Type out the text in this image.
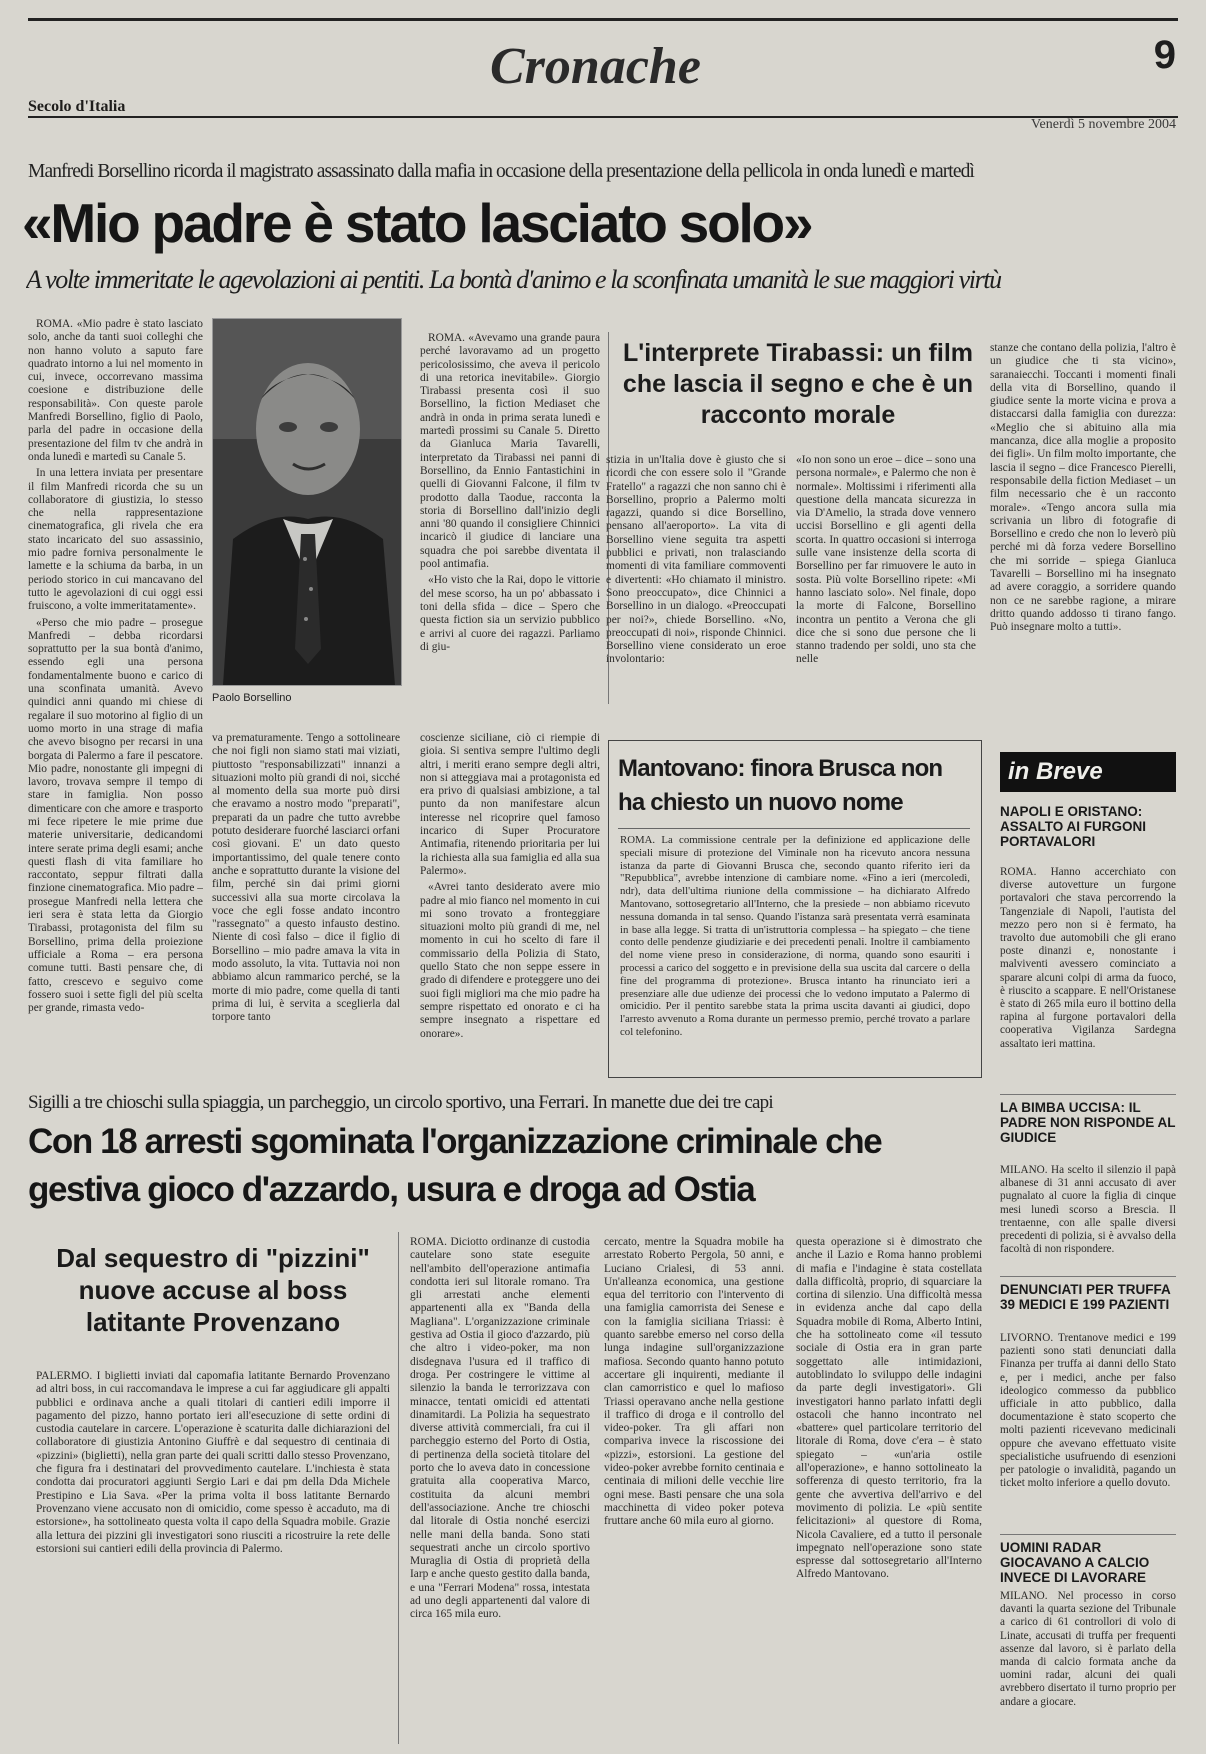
Cronache	9
Secolo d'Italia
Venerdì 5 novembre 2004
Manfredi Borsellino ricorda il magistrato assassinato dalla mafia in occasione della presentazione della pellicola in onda lunedì e martedì
«Mio padre è stato lasciato solo»
A volte immeritate le agevolazioni ai pentiti. La bontà d'animo e la sconfinata umanità le sue maggiori virtù

ROMA. «Mio padre è stato lasciato solo, anche da tanti suoi colleghi che non hanno voluto a saputo fare quadrato intorno a lui nel momento in cui, invece, occorrevano massima coesione e distribuzione delle responsabilità». Con queste parole Manfredi Borsellino, figlio di Paolo, parla del padre in occasione della presentazione del film tv che andrà in onda lunedì e martedì su Canale 5.

In una lettera inviata per presentare il film Manfredi ricorda che su un collaboratore di giustizia, lo stesso che nella rappresentazione cinematografica, gli rivela che era stato incaricato del suo assassinio, mio padre forniva personalmente le lamette e la schiuma da barba, in un periodo storico in cui mancavano del tutto le agevolazioni di cui oggi essi fruiscono, a volte immeritatamente».

«Perso che mio padre – prosegue Manfredi – debba ricordarsi soprattutto per la sua bontà d'animo, essendo egli una persona fondamentalmente buono e carico di una sconfinata umanità. Avevo quindici anni quando mi chiese di regalare il suo motorino al figlio di un uomo morto in una strage di mafia che avevo bisogno per recarsi in una borgata di Palermo a fare il pescatore. Mio padre, nonostante gli impegni di lavoro, trovava sempre il tempo di stare in famiglia. Non posso dimenticare con che amore e trasporto mi fece ripetere le mie prime due materie universitarie, dedicandomi intere serate prima degli esami; anche questi flash di vita familiare ho raccontato, seppur filtrati dalla finzione cinematografica. Mio padre – prosegue Manfredi nella lettera che ieri sera è stata letta da Giorgio Tirabassi, protagonista del film su Borsellino, prima della proiezione ufficiale a Roma – era persona comune tutti. Basti pensare che, di fatto, crescevo e seguivo come fossero suoi i sette figli del più scelta per grande, rimasta vedo-

Paolo Borsellino

va prematuramente. Tengo a sottolineare che noi figli non siamo stati mai viziati, piuttosto "responsabilizzati" innanzi a situazioni molto più grandi di noi, sicché al momento della sua morte può dirsi che eravamo a nostro modo "preparati", preparati da un padre che tutto avrebbe potuto desiderare fuorché lasciarci orfani così giovani. E' un dato questo importantissimo, del quale tenere conto anche e soprattutto durante la visione del film, perché sin dai primi giorni successivi alla sua morte circolava la voce che egli fosse andato incontro "rassegnato" a questo infausto destino. Niente di così falso – dice il figlio di Borsellino – mio padre amava la vita in modo assoluto, la vita. Tuttavia noi non abbiamo alcun rammarico perché, se la morte di mio padre, come quella di tanti prima di lui, è servita a sceglierla dal torpore tanto

ROMA. «Avevamo una grande paura perché lavoravamo ad un progetto pericolosissimo, che aveva il pericolo di una retorica inevitabile». Giorgio Tirabassi presenta così il suo Borsellino, la fiction Mediaset che andrà in onda in prima serata lunedì e martedì prossimi su Canale 5. Diretto da Gianluca Maria Tavarelli, interpretato da Tirabassi nei panni di Borsellino, da Ennio Fantastichini in quelli di Giovanni Falcone, il film tv prodotto dalla Taodue, racconta la storia di Borsellino dall'inizio degli anni '80 quando il consigliere Chinnici incaricò il giudice di lanciare una squadra che poi sarebbe diventata il pool antimafia.

«Ho visto che la Rai, dopo le vittorie del mese scorso, ha un po' abbassato i toni della sfida – dice – Spero che questa fiction sia un servizio pubblico e arrivi al cuore dei ragazzi. Parliamo di giu-

coscienze siciliane, ciò ci riempie di gioia. Si sentiva sempre l'ultimo degli altri, i meriti erano sempre degli altri, non si atteggiava mai a protagonista ed era privo di qualsiasi ambizione, a tal punto da non manifestare alcun interesse nel ricoprire quel famoso incarico di Super Procuratore Antimafia, ritenendo prioritaria per lui la richiesta alla sua famiglia ed alla sua Palermo».

«Avrei tanto desiderato avere mio padre al mio fianco nel momento in cui mi sono trovato a fronteggiare situazioni molto più grandi di me, nel momento in cui ho scelto di fare il commissario della Polizia di Stato, quello Stato che non seppe essere in grado di difendere e proteggere uno dei suoi figli migliori ma che mio padre ha sempre rispettato ed onorato e ci ha sempre insegnato a rispettare ed onorare».

L'interprete Tirabassi: un film che lascia il segno e che è un racconto morale

stizia in un'Italia dove è giusto che si ricordi che con essere solo il "Grande Fratello" a ragazzi che non sanno chi è Borsellino, proprio a Palermo molti ragazzi, quando si dice Borsellino, pensano all'aeroporto». La vita di Borsellino viene seguita tra aspetti pubblici e privati, non tralasciando momenti di vita familiare commoventi e divertenti: «Ho chiamato il ministro. Sono preoccupato», dice Chinnici a Borsellino in un dialogo. «Preoccupati per noi?», chiede Borsellino. «No, preoccupati di noi», risponde Chinnici. Borsellino viene considerato un eroe involontario:

«Io non sono un eroe – dice – sono una persona normale», e Palermo che non è normale». Moltissimi i riferimenti alla questione della mancata sicurezza in via D'Amelio, la strada dove vennero uccisi Borsellino e gli agenti della scorta. In quattro occasioni si interroga sulle vane insistenze della scorta di Borsellino per far rimuovere le auto in sosta. Più volte Borsellino ripete: «Mi hanno lasciato solo». Nel finale, dopo la morte di Falcone, Borsellino incontra un pentito a Verona che gli dice che si sono due persone che li stanno tradendo per soldi, uno sta che nelle

stanze che contano della polizia, l'altro è un giudice che ti sta vicino», saranaiecchi. Toccanti i momenti finali della vita di Borsellino, quando il giudice sente la morte vicina e prova a distaccarsi dalla famiglia con durezza: «Meglio che si abituino alla mia mancanza, dice alla moglie a proposito dei figli». Un film molto importante, che lascia il segno – dice Francesco Pierelli, responsabile della fiction Mediaset – un film necessario che è un racconto morale». «Tengo ancora sulla mia scrivania un libro di fotografie di Borsellino e credo che non lo leverò più perché mi dà forza vedere Borsellino che mi sorride – spiega Gianluca Tavarelli – Borsellino mi ha insegnato ad avere coraggio, a sorridere quando non ce ne sarebbe ragione, a mirare dritto quando addosso ti tirano fango. Può insegnare molto a tutti».

Mantovano: finora Brusca non ha chiesto un nuovo nome

ROMA. La commissione centrale per la definizione ed applicazione delle speciali misure di protezione del Viminale non ha ricevuto ancora nessuna istanza da parte di Giovanni Brusca che, secondo quanto riferito ieri da "Repubblica", avrebbe intenzione di cambiare nome. «Fino a ieri (mercoledì, ndr), data dell'ultima riunione della commissione – ha dichiarato Alfredo Mantovano, sottosegretario all'Interno, che la presiede – non abbiamo ricevuto nessuna domanda in tal senso. Quando l'istanza sarà presentata verrà esaminata in base alla legge. Si tratta di un'istruttoria complessa – ha spiegato – che tiene conto delle pendenze giudiziarie e dei precedenti penali. Inoltre il cambiamento del nome viene preso in considerazione, di norma, quando sono esauriti i processi a carico del soggetto e in previsione della sua uscita dal carcere o della fine del programma di protezione». Brusca intanto ha rinunciato ieri a presenziare alle due udienze dei processi che lo vedono imputato a Palermo di omicidio. Per il pentito sarebbe stata la prima uscita davanti ai giudici, dopo l'arresto avvenuto a Roma durante un permesso premio, perché trovato a parlare col telefonino.

in Breve
NAPOLI E ORISTANO: ASSALTO AI FURGONI PORTAVALORI
ROMA. Hanno accerchiato con diverse autovetture un furgone portavalori che stava percorrendo la Tangenziale di Napoli, l'autista del mezzo pero non si è fermato, ha travolto due automobili che gli erano poste dinanzi e, nonostante i malviventi avessero cominciato a sparare alcuni colpi di arma da fuoco, è riuscito a scappare. E nell'Oristanese è stato di 265 mila euro il bottino della rapina al furgone portavalori della cooperativa Vigilanza Sardegna assaltato ieri mattina.
LA BIMBA UCCISA: IL PADRE NON RISPONDE AL GIUDICE
MILANO. Ha scelto il silenzio il papà albanese di 31 anni accusato di aver pugnalato al cuore la figlia di cinque mesi lunedì scorso a Brescia. Il trentaenne, con alle spalle diversi precedenti di polizia, si è avvalso della facoltà di non rispondere.
DENUNCIATI PER TRUFFA 39 MEDICI E 199 PAZIENTI
LIVORNO. Trentanove medici e 199 pazienti sono stati denunciati dalla Finanza per truffa ai danni dello Stato e, per i medici, anche per falso ideologico commesso da pubblico ufficiale in atto pubblico, dalla documentazione è stato scoperto che molti pazienti ricevevano medicinali oppure che avevano effettuato visite specialistiche usufruendo di esenzioni per patologie o invalidità, pagando un ticket molto inferiore a quello dovuto.
UOMINI RADAR GIOCAVANO A CALCIO INVECE DI LAVORARE
MILANO. Nel processo in corso davanti la quarta sezione del Tribunale a carico di 61 controllori di volo di Linate, accusati di truffa per frequenti assenze dal lavoro, si è parlato della manda di calcio formata anche da uomini radar, alcuni dei quali avrebbero disertato il turno proprio per andare a giocare.
Sigilli a tre chioschi sulla spiaggia, un parcheggio, un circolo sportivo, una Ferrari. In manette due dei tre capi
Con 18 arresti sgominata l'organizzazione criminale che gestiva gioco d'azzardo, usura e droga ad Ostia

ROMA. Diciotto ordinanze di custodia cautelare sono state eseguite nell'ambito dell'operazione antimafia condotta ieri sul litorale romano. Tra gli arrestati anche elementi appartenenti alla ex "Banda della Magliana". L'organizzazione criminale gestiva ad Ostia il gioco d'azzardo, più che altro i video-poker, ma non disdegnava l'usura ed il traffico di droga. Per costringere le vittime al silenzio la banda le terrorizzava con minacce, tentati omicidi ed attentati dinamitardi. La Polizia ha sequestrato diverse attività commerciali, fra cui il parcheggio esterno del Porto di Ostia, di pertinenza della società titolare del porto che lo aveva dato in concessione gratuita alla cooperativa Marco, costituita da alcuni membri dell'associazione. Anche tre chioschi dal litorale di Ostia nonché esercizi nelle mani della banda. Sono stati sequestrati anche un circolo sportivo Muraglia di Ostia di proprietà della Iarp e anche questo gestito dalla banda, e una "Ferrari Modena" rossa, intestata ad uno degli appartenenti dal valore di circa 165 mila euro.

cercato, mentre la Squadra mobile ha arrestato Roberto Pergola, 50 anni, e Luciano Crialesi, di 53 anni. Un'alleanza economica, una gestione equa del territorio con l'intervento di una famiglia camorrista dei Senese e con la famiglia siciliana Triassi: è quanto sarebbe emerso nel corso della lunga indagine sull'organizzazione mafiosa. Secondo quanto hanno potuto accertare gli inquirenti, mediante il clan camorristico e quel lo mafioso Triassi operavano anche nella gestione il traffico di droga e il controllo del video-poker. Tra gli affari non compariva invece la riscossione dei «pizzi», estorsioni. La gestione del video-poker avrebbe fornito centinaia e centinaia di milioni delle vecchie lire ogni mese. Basti pensare che una sola macchinetta di video poker poteva fruttare anche 60 mila euro al giorno.

questa operazione si è dimostrato che anche il Lazio e Roma hanno problemi di mafia e l'indagine è stata costellata dalla difficoltà, proprio, di squarciare la cortina di silenzio. Una difficoltà messa in evidenza anche dal capo della Squadra mobile di Roma, Alberto Intini, che ha sottolineato come «il tessuto sociale di Ostia era in gran parte soggettato alle intimidazioni, autoblindato lo sviluppo delle indagini da parte degli investigatori». Gli investigatori hanno parlato infatti degli ostacoli che hanno incontrato nel «battere» quel particolare territorio del litorale di Roma, dove c'era – è stato spiegato – «un'aria ostile all'operazione», e hanno sottolineato la sofferenza di questo territorio, fra la gente che avvertiva dell'arrivo e del movimento di polizia. Le «più sentite felicitazioni» al questore di Roma, Nicola Cavaliere, ed a tutto il personale impegnato nell'operazione sono state espresse dal sottosegretario all'Interno Alfredo Mantovano.

Dal sequestro di "pizzini" nuove accuse al boss latitante Provenzano

PALERMO. I biglietti inviati dal capomafia latitante Bernardo Provenzano ad altri boss, in cui raccomandava le imprese a cui far aggiudicare gli appalti pubblici e ordinava anche a quali titolari di cantieri edili imporre il pagamento del pizzo, hanno portato ieri all'esecuzione di sette ordini di custodia cautelare in carcere. L'operazione è scaturita dalle dichiarazioni del collaboratore di giustizia Antonino Giuffrè e dal sequestro di centinaia di «pizzini» (biglietti), nella gran parte dei quali scritti dallo stesso Provenzano, che figura fra i destinatari del provvedimento cautelare. L'inchiesta è stata condotta dai procuratori aggiunti Sergio Lari e dai pm della Dda Michele Prestipino e Lia Sava. «Per la prima volta il boss latitante Bernardo Provenzano viene accusato non di omicidio, come spesso è accaduto, ma di estorsione», ha sottolineato questa volta il capo della Squadra mobile. Grazie alla lettura dei pizzini gli investigatori sono riusciti a ricostruire la rete delle estorsioni sui cantieri edili della provincia di Palermo.
